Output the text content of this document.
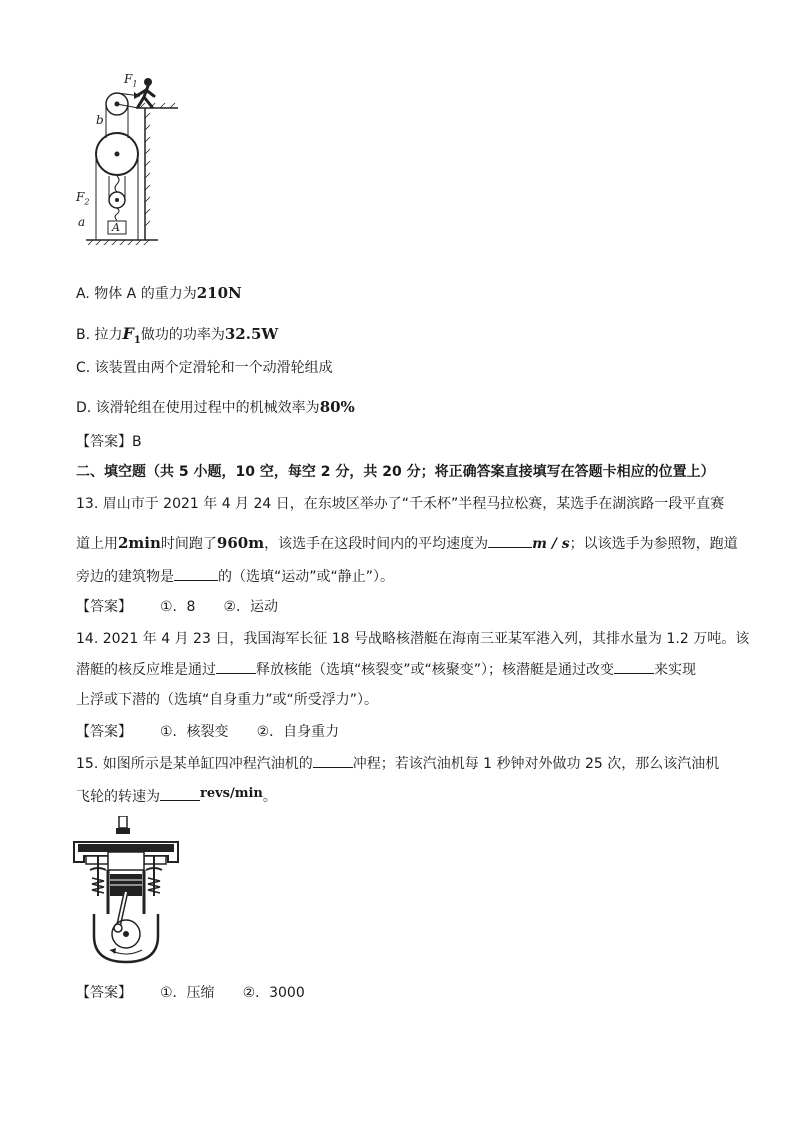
$F_1$
b
$F_2$
a A
A. 物体 A 的重力为210N
B. 拉力$F_1$做功的功率为32.5W
C. 该装置由两个定滑轮和一个动滑轮组成
D. 该滑轮组在使用过程中的机械效率为80%
【答案】B
二、填空题（共 5 小题，10 空，每空 2 分，共 20 分；将正确答案直接填写在答题卡相应的位置上）
13. 眉山市于 2021 年 4 月 24 日，在东坡区举办了“千禾杯”半程马拉松赛，某选手在湖滨路一段平直赛
道上用2min时间跑了960m，该选手在这段时间内的平均速度为	m / s；以该选手为参照物，跑道
旁边的建筑物是	的（选填“运动”或“静止”）。
【答案】 ①．8 ②．运动
14. 2021 年 4 月 23 日，我国海军长征 18 号战略核潜艇在海南三亚某军港入列，其排水量为 1.2 万吨。该
潜艇的核反应堆是通过	释放核能（选填“核裂变”或“核聚变”）；核潜艇是通过改变	来实现
上浮或下潜的（选填“自身重力”或“所受浮力”）。
【答案】 ①．核裂变 ②．自身重力
15. 如图所示是某单缸四冲程汽油机的	冲程；若该汽油机每 1 秒钟对外做功 25 次，那么该汽油机
飞轮的转速为	revs/min。
【答案】 ①．压缩 ②．3000
